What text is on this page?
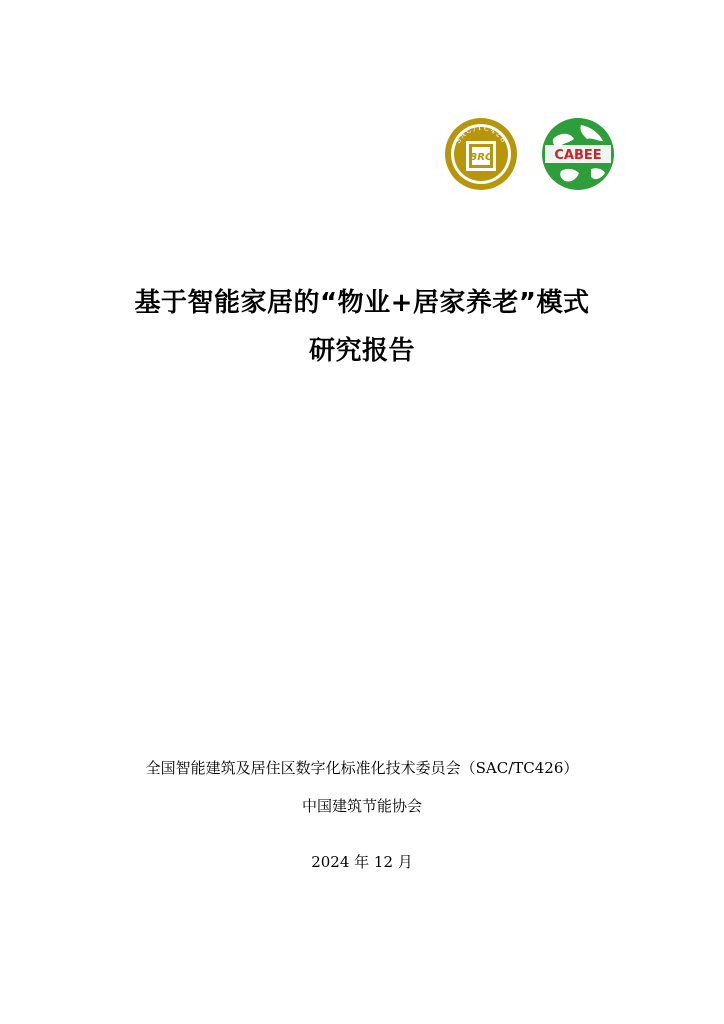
SAC/TC426
BRC	CABEE
基于智能家居的“物业+居家养老”模式
研究报告
全国智能建筑及居住区数字化标准化技术委员会（SAC/TC426）
中国建筑节能协会
2024 年 12 月
